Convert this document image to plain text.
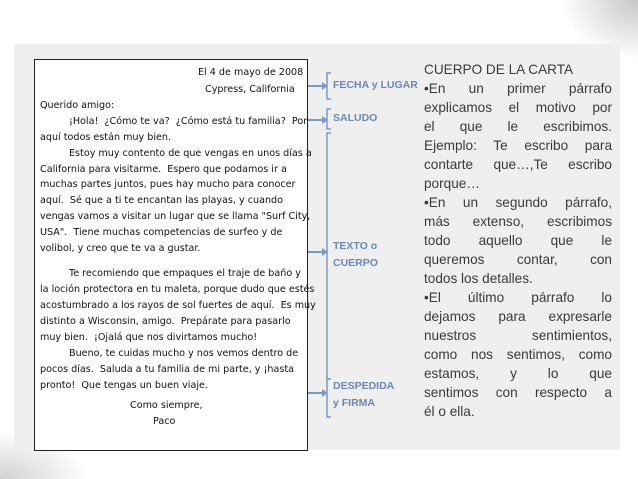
El 4 de mayo de 2008

Cypress, California

Querido amigo:

¡Hola!  ¿Cómo te va?  ¿Cómo está tu familia?  Por

aquí todos están muy bien.

Estoy muy contento de que vengas en unos días a

California para visitarme.  Espero que podamos ir a

muchas partes juntos, pues hay mucho para conocer

aquí.  Sé que a ti te encantan las playas, y cuando

vengas vamos a visitar un lugar que se llama "Surf City,

USA".  Tiene muchas competencias de surfeo y de

volibol, y creo que te va a gustar.

Te recomiendo que empaques el traje de baño y

la loción protectora en tu maleta, porque dudo que estés

acostumbrado a los rayos de sol fuertes de aquí.  Es muy

distinto a Wisconsin, amigo.  Prepárate para pasarlo

muy bien.  ¡Ojalá que nos divirtamos mucho!

Bueno, te cuidas mucho y nos vemos dentro de

pocos días.  Saluda a tu familia de mi parte, y ¡hasta

pronto!  Que tengas un buen viaje.

Como siempre,

Paco

FECHA y LUGAR

SALUDO

TEXTO o

CUERPO

DESPEDIDA

y FIRMA

CUERPO DE LA CARTA
•En un primer párrafo
explicamos el motivo por
el que le escribimos.
Ejemplo: Te escribo para
contarte que…,Te escribo
porque…
•En un segundo párrafo,
más extenso, escribimos
todo aquello que le
queremos contar, con
todos los detalles.
•El último párrafo lo
dejamos para expresarle
nuestros sentimientos,
como nos sentimos, como
estamos, y lo que
sentimos con respecto a
él o ella.
